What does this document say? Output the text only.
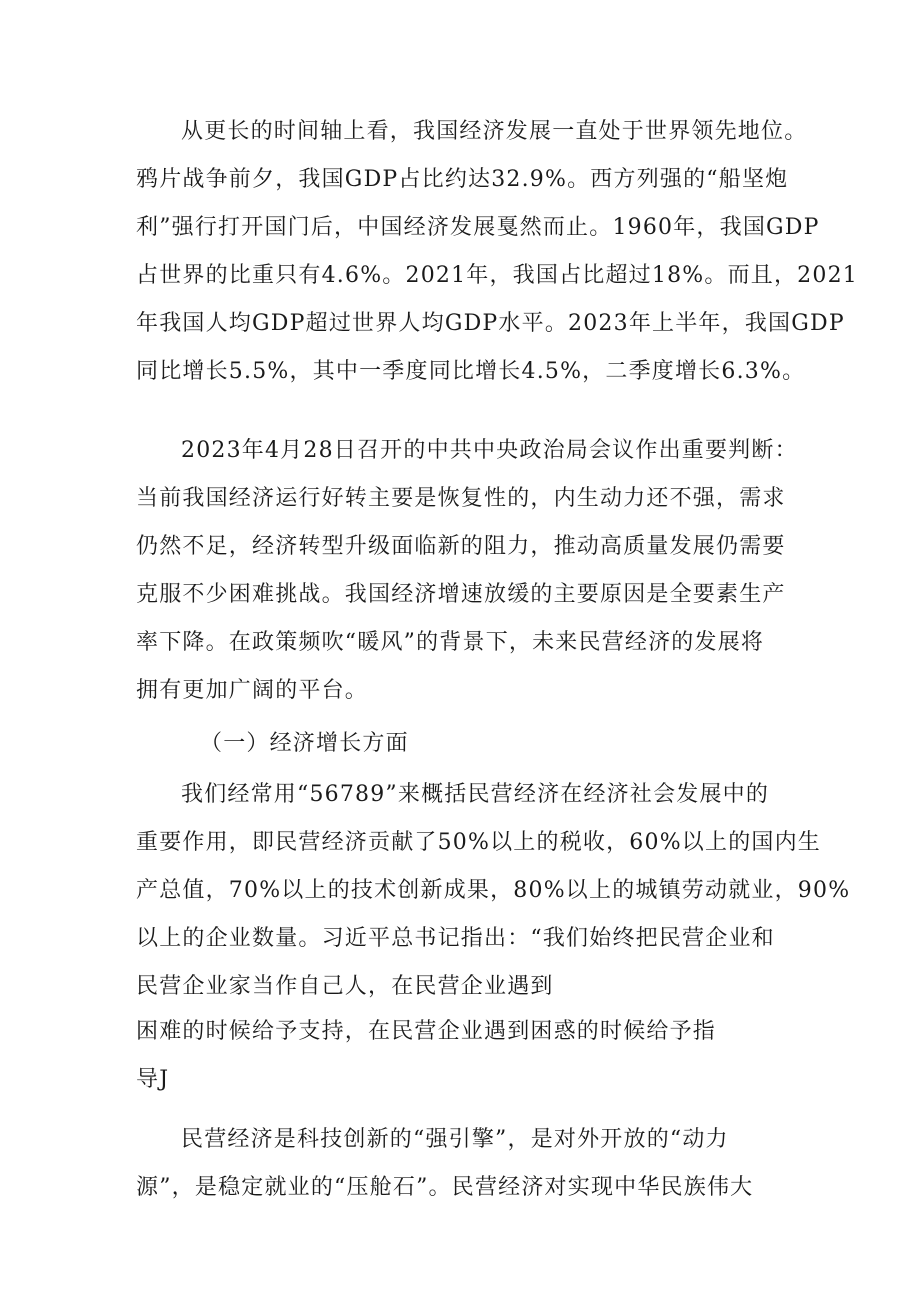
从更长的时间轴上看，我国经济发展一直处于世界领先地位。
鸦片战争前夕，我国GDP占比约达32.9%。西方列强的“船坚炮
利”强行打开国门后，中国经济发展戛然而止。1960年，我国GDP
占世界的比重只有4.6%。2021年，我国占比超过18%。而且，2021
年我国人均GDP超过世界人均GDP水平。2023年上半年，我国GDP
同比增长5.5%，其中一季度同比增长4.5%，二季度增长6.3%。
2023年4月28日召开的中共中央政治局会议作出重要判断：
当前我国经济运行好转主要是恢复性的，内生动力还不强，需求
仍然不足，经济转型升级面临新的阻力，推动高质量发展仍需要
克服不少困难挑战。我国经济增速放缓的主要原因是全要素生产
率下降。在政策频吹“暖风”的背景下，未来民营经济的发展将
拥有更加广阔的平台。
（一）经济增长方面
我们经常用“56789”来概括民营经济在经济社会发展中的
重要作用，即民营经济贡献了50%以上的税收，60%以上的国内生
产总值，70%以上的技术创新成果，80%以上的城镇劳动就业，90%
以上的企业数量。习近平总书记指出：“我们始终把民营企业和
民营企业家当作自己人，在民营企业遇到
困难的时候给予支持，在民营企业遇到困惑的时候给予指
导J
民营经济是科技创新的“强引擎”，是对外开放的“动力
源”，是稳定就业的“压舱石”。民营经济对实现中华民族伟大
